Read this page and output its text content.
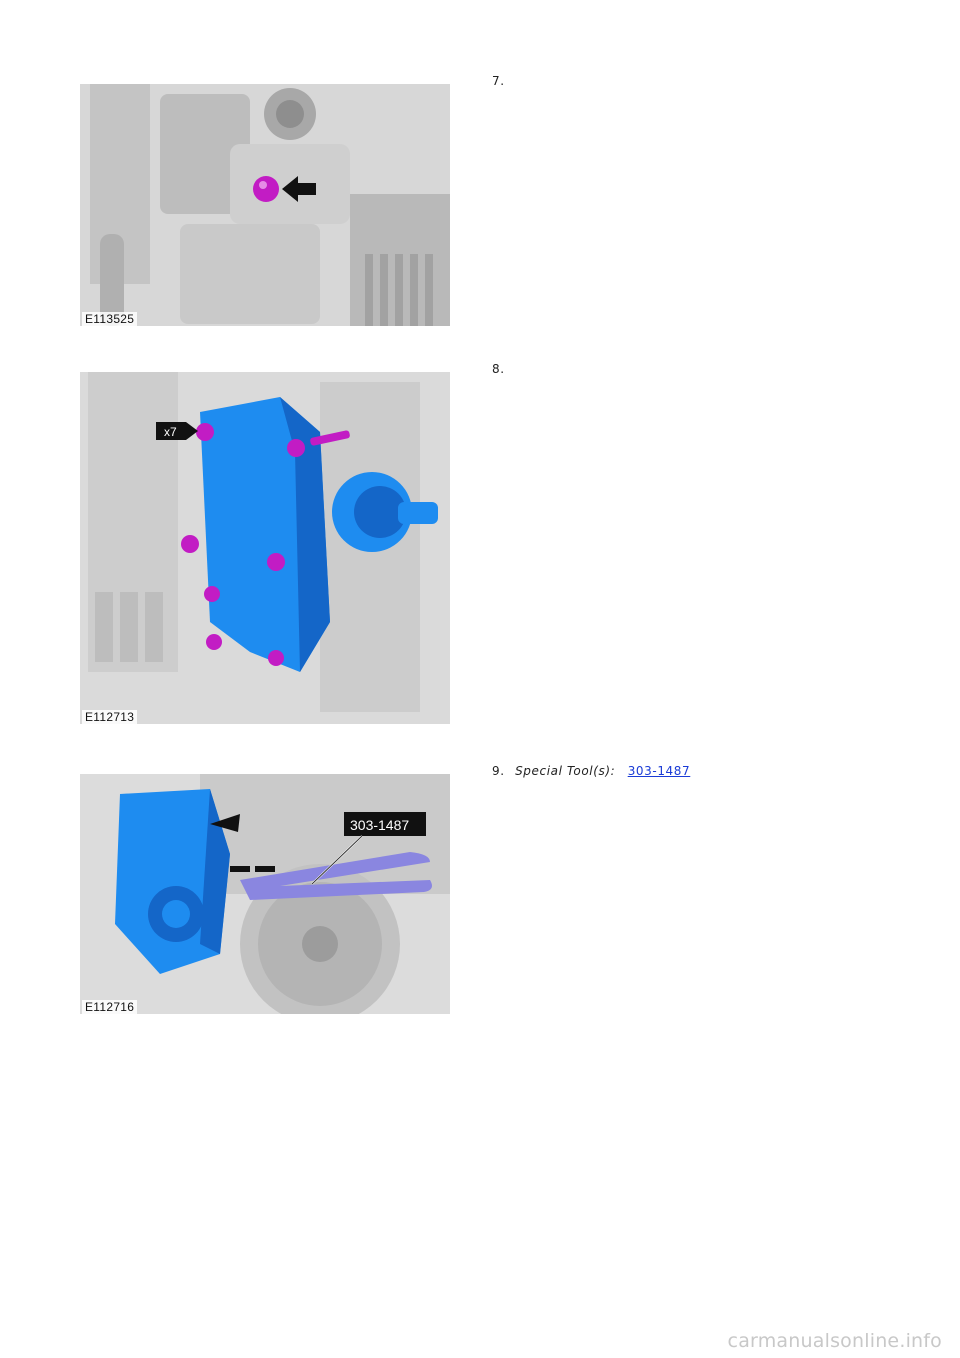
E113525
7.
x7
E112713
8.
303-1487
E112716
9. Special Tool(s): 303-1487
carmanualsonline.info
